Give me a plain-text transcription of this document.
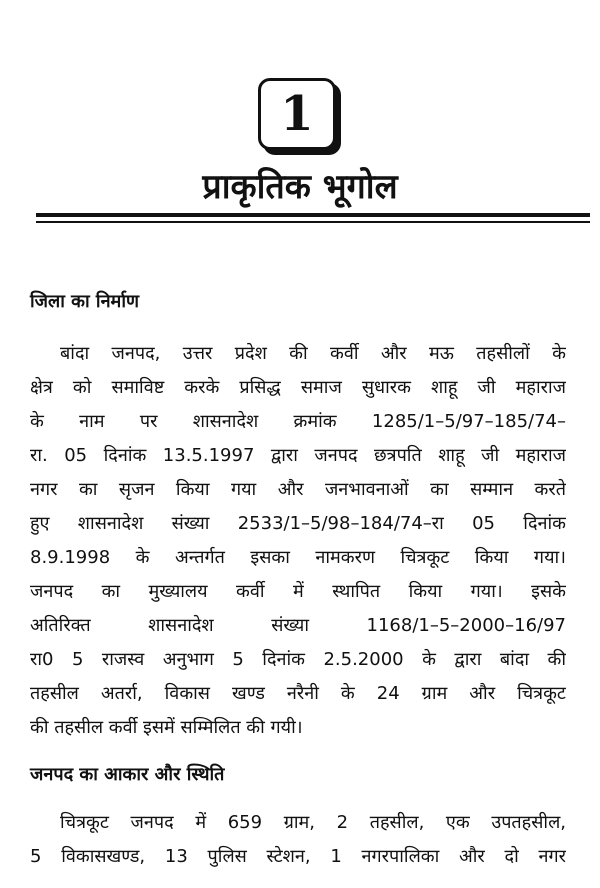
1
प्राकृतिक भूगोल
जिला का निर्माण
बांदा जनपद, उत्तर प्रदेश की कर्वी और मऊ तहसीलों के
क्षेत्र को समाविष्ट करके प्रसिद्ध समाज सुधारक शाहू जी महाराज
के नाम पर शासनादेश क्रमांक 1285/1–5/97–185/74–
रा. 05 दिनांक 13.5.1997 द्वारा जनपद छत्रपति शाहू जी महाराज
नगर का सृजन किया गया और जनभावनाओं का सम्मान करते
हुए शासनादेश संख्या 2533/1–5/98–184/74–रा 05 दिनांक
8.9.1998 के अन्तर्गत इसका नामकरण चित्रकूट किया गया।
जनपद का मुख्यालय कर्वी में स्थापित किया गया। इसके
अतिरिक्त शासनादेश संख्या 1168/1–5–2000–16/97
रा0 5 राजस्व अनुभाग 5 दिनांक 2.5.2000 के द्वारा बांदा की
तहसील अतर्रा, विकास खण्ड नरैनी के 24 ग्राम और चित्रकूट
की तहसील कर्वी इसमें सम्मिलित की गयी।
जनपद का आकार और स्थिति
चित्रकूट जनपद में 659 ग्राम, 2 तहसील, एक उपतहसील,
5 विकासखण्ड, 13 पुलिस स्टेशन, 1 नगरपालिका और दो नगर
